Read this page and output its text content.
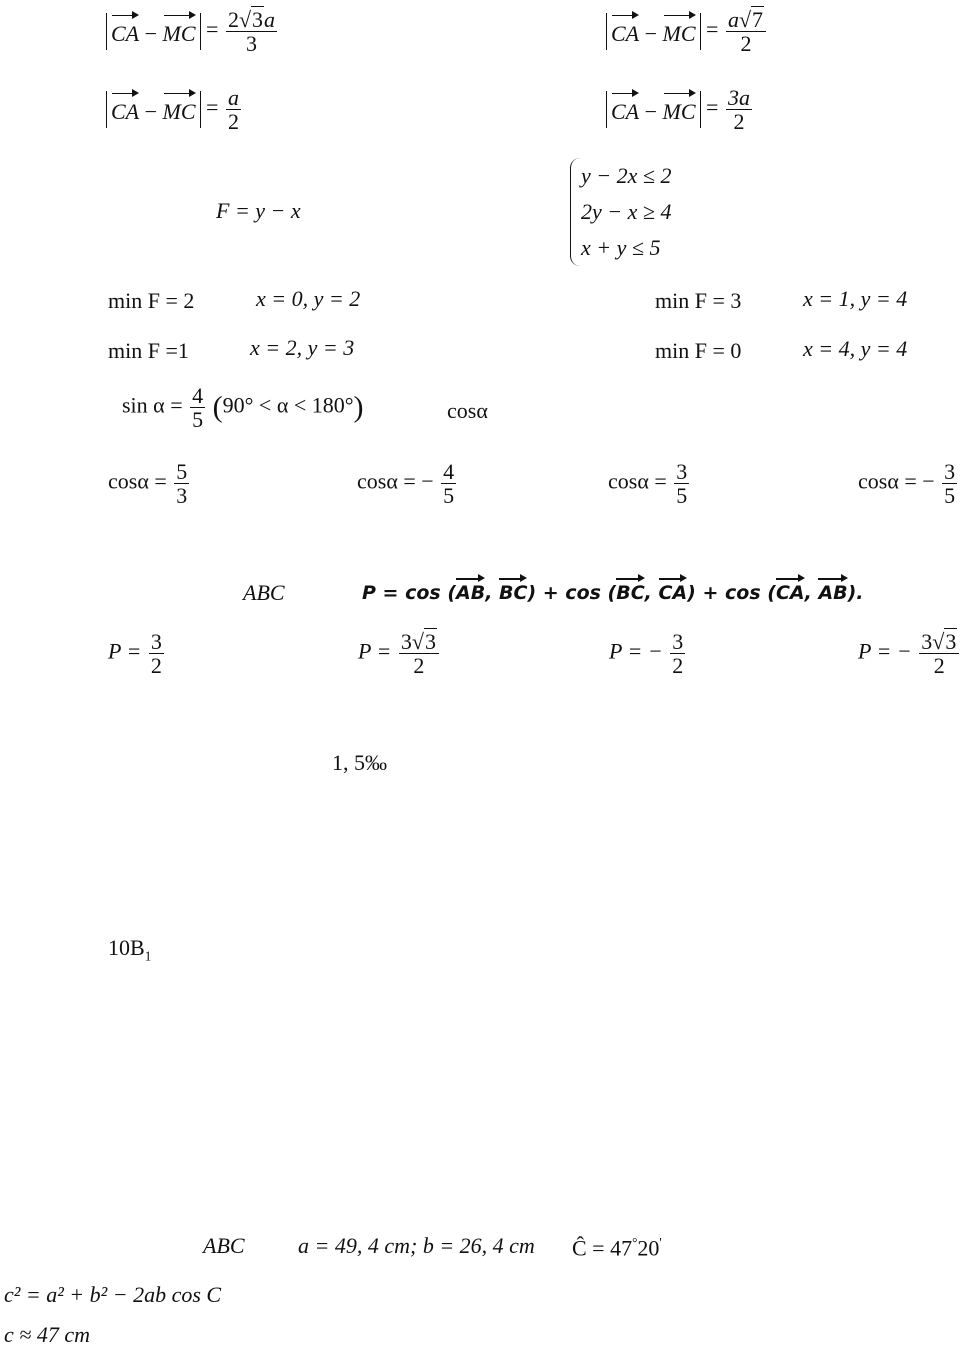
CA − MC = $\frac{2√3a}{3}$	CA − MC = $\frac{a√7}{2}$
CA − MC = $\frac{a}{2}$	CA − MC = $\frac{3a}{2}$
F = y − x
y − 2x ≤ 2
2y − x ≥ 4
x + y ≤ 5
min F = 2	x = 0, y = 2	min F = 3	x = 1, y = 4
min F =1	x = 2, y = 3	min F = 0	x = 4, y = 4
$\sin \alpha = \frac{4}{5} (90^\circ < \alpha < 180^\circ)$	cosα
$\cos\alpha = \frac{5}{3}$	cosα = − $\frac{4}{5}$	$\cos\alpha = \frac{3}{5}$	cosα = − $\frac{3}{5}$
ABC	P = cos (AB, BC) + cos (BC, CA) + cos (CA, AB).
$P = \frac{3}{2}$	$P = \frac{3√3}{2}$	P = − $\frac{3}{2}$	P = − $\frac{3√3}{2}$
1, 5‰
$10B_1$
ABC a = 49, 4 cm; b = 26, 4 cm Ĉ = 47°20'
c² = a² + b² − 2ab cos C
c ≈ 47 cm
